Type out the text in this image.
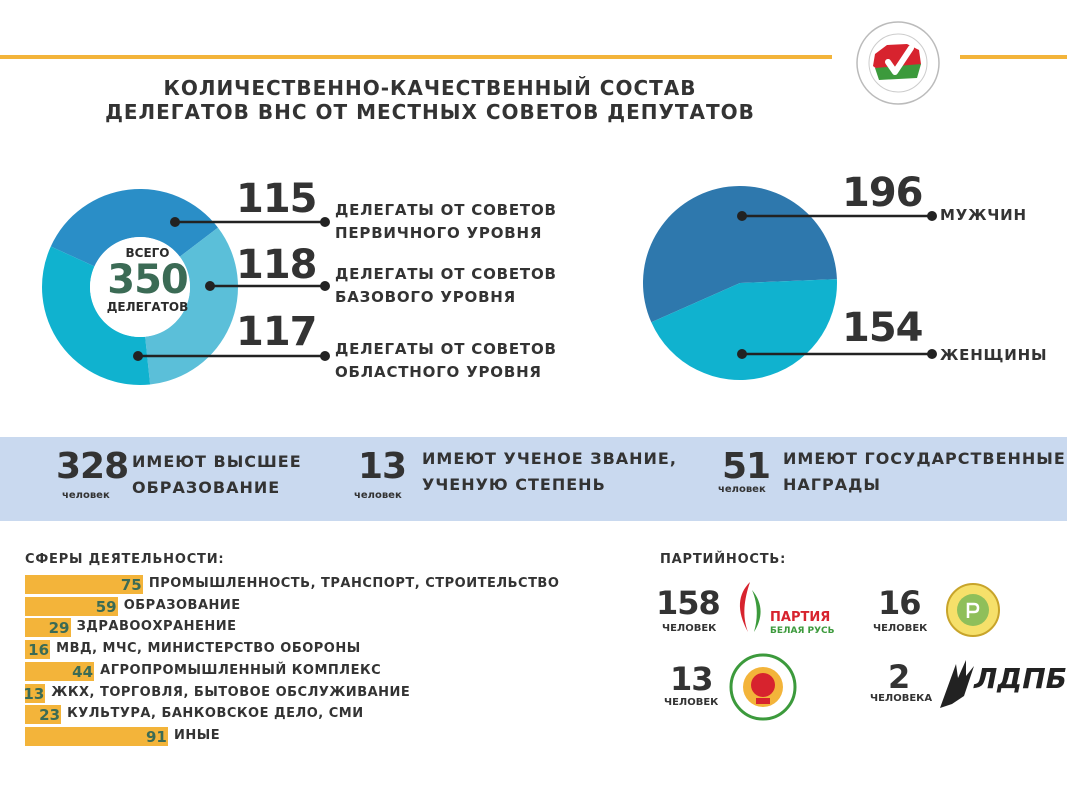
КОЛИЧЕСТВЕННО-КАЧЕСТВЕННЫЙ СОСТАВ
ДЕЛЕГАТОВ ВНС ОТ МЕСТНЫХ СОВЕТОВ ДЕПУТАТОВ
ВСЕГО
350
ДЕЛЕГАТОВ
115
118
117
ДЕЛЕГАТЫ ОТ СОВЕТОВ
ПЕРВИЧНОГО УРОВНЯ
ДЕЛЕГАТЫ ОТ СОВЕТОВ
БАЗОВОГО УРОВНЯ
ДЕЛЕГАТЫ ОТ СОВЕТОВ
ОБЛАСТНОГО УРОВНЯ
196 МУЖЧИН
154
ЖЕНЩИНЫ
328
человек
ИМЕЮТ ВЫСШЕЕ
ОБРАЗОВАНИЕ
13
человек
ИМЕЮТ УЧЕНОЕ ЗВАНИЕ,
УЧЕНУЮ СТЕПЕНЬ	51
человек
ИМЕЮТ ГОСУДАРСТВЕННЫЕ
НАГРАДЫ
СФЕРЫ ДЕЯТЕЛЬНОСТИ:
75 ПРОМЫШЛЕННОСТЬ, ТРАНСПОРТ, СТРОИТЕЛЬСТВО
59 ОБРАЗОВАНИЕ
29 ЗДРАВООХРАНЕНИЕ
16 МВД, МЧС, МИНИСТЕРСТВО ОБОРОНЫ
44 АГРОПРОМЫШЛЕННЫЙ КОМПЛЕКС
13 ЖКХ, ТОРГОВЛЯ, БЫТОВОЕ ОБСЛУЖИВАНИЕ
23 КУЛЬТУРА, БАНКОВСКОЕ ДЕЛО, СМИ
91 ИНЫЕ
ПАРТИЙНОСТЬ:
158
ЧЕЛОВЕК
ПАРТИЯ
БЕЛАЯ РУСЬ
16
ЧЕЛОВЕК
13
ЧЕЛОВЕК
2
ЧЕЛОВЕКА
ЛДПБ
